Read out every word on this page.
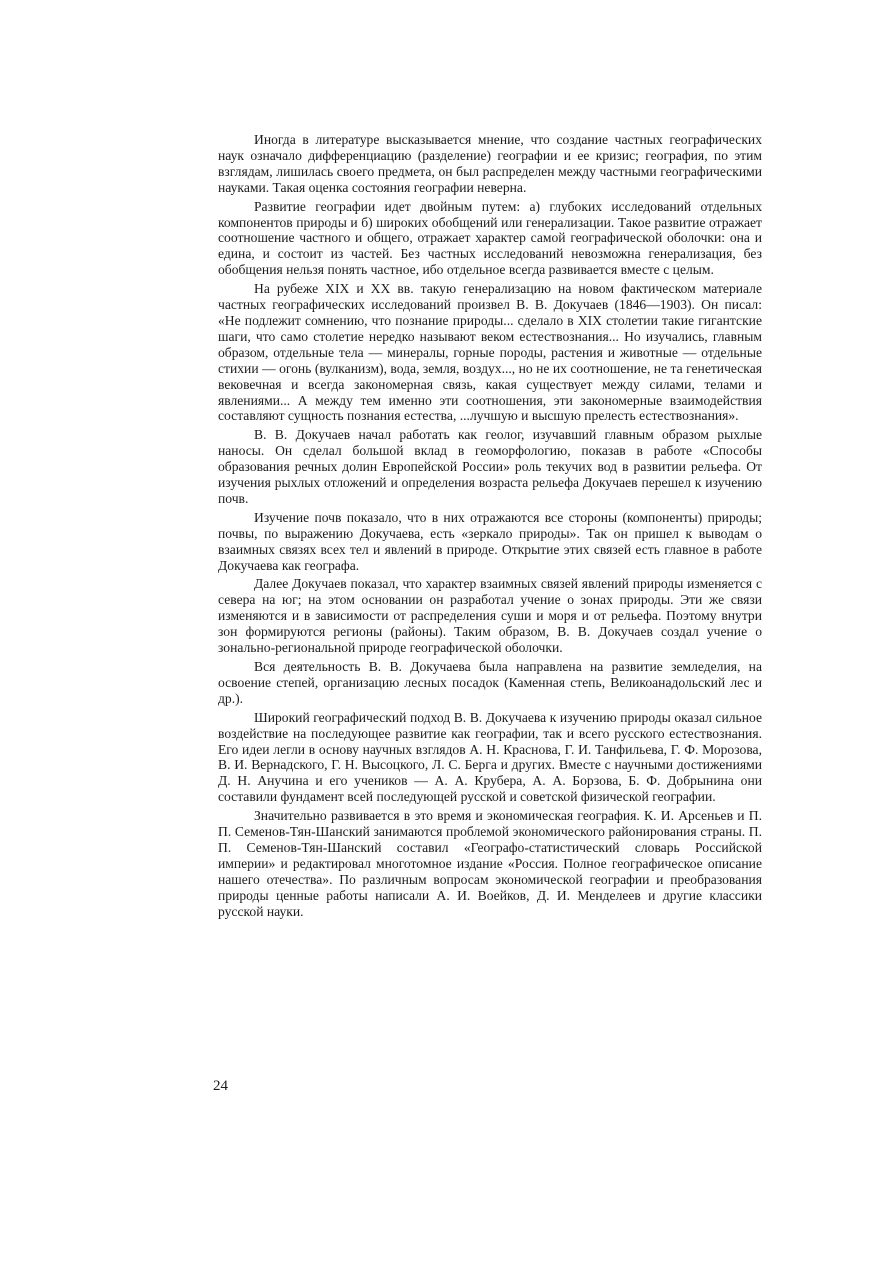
Иногда в литературе высказывается мнение, что создание частных географических наук означало дифференциацию (разделение) географии и ее кризис; география, по этим взглядам, лишилась своего предмета, он был распределен между частными географическими науками. Такая оценка состояния географии неверна.

Развитие географии идет двойным путем: а) глубоких исследований отдельных компонентов природы и б) широких обобщений или генерализации. Такое развитие отражает соотношение частного и общего, отражает характер самой географической оболочки: она и едина, и состоит из частей. Без частных исследований невозможна генерализация, без обобщения нельзя понять частное, ибо отдельное всегда развивается вместе с целым.

На рубеже XIX и XX вв. такую генерализацию на новом фактическом материале частных географических исследований произвел В. В. Докучаев (1846—1903). Он писал: «Не подлежит сомнению, что познание природы... сделало в XIX столетии такие гигантские шаги, что само столетие нередко называют веком естествознания... Но изучались, главным образом, отдельные тела — минералы, горные породы, растения и животные — отдельные стихии — огонь (вулканизм), вода, земля, воздух..., но не их соотношение, не та генетическая вековечная и всегда закономерная связь, какая существует между силами, телами и явлениями... А между тем именно эти соотношения, эти закономерные взаимодействия составляют сущность познания естества, ...лучшую и высшую прелесть естествознания».

В. В. Докучаев начал работать как геолог, изучавший главным образом рыхлые наносы. Он сделал большой вклад в геоморфологию, показав в работе «Способы образования речных долин Европейской России» роль текучих вод в развитии рельефа. От изучения рыхлых отложений и определения возраста рельефа Докучаев перешел к изучению почв.

Изучение почв показало, что в них отражаются все стороны (компоненты) природы; почвы, по выражению Докучаева, есть «зеркало природы». Так он пришел к выводам о взаимных связях всех тел и явлений в природе. Открытие этих связей есть главное в работе Докучаева как географа.

Далее Докучаев показал, что характер взаимных связей явлений природы изменяется с севера на юг; на этом основании он разработал учение о зонах природы. Эти же связи изменяются и в зависимости от распределения суши и моря и от рельефа. Поэтому внутри зон формируются регионы (районы). Таким образом, В. В. Докучаев создал учение о зонально-региональной природе географической оболочки.

Вся деятельность В. В. Докучаева была направлена на развитие земледелия, на освоение степей, организацию лесных посадок (Каменная степь, Великоанадольский лес и др.).

Широкий географический подход В. В. Докучаева к изучению природы оказал сильное воздействие на последующее развитие как географии, так и всего русского естествознания. Его идеи легли в основу научных взглядов А. Н. Краснова, Г. И. Танфильева, Г. Ф. Морозова, В. И. Вернадского, Г. Н. Высоцкого, Л. С. Берга и других. Вместе с научными достижениями Д. Н. Анучина и его учеников — А. А. Крубера, А. А. Борзова, Б. Ф. Добрынина они составили фундамент всей последующей русской и советской физической географии.

Значительно развивается в это время и экономическая география. К. И. Арсеньев и П. П. Семенов-Тян-Шанский занимаются проблемой экономического районирования страны. П. П. Семенов-Тян-Шанский составил «Географо-статистический словарь Российской империи» и редактировал многотомное издание «Россия. Полное географическое описание нашего отечества». По различным вопросам экономической географии и преобразования природы ценные работы написали А. И. Воейков, Д. И. Менделеев и другие классики русской науки.

24
